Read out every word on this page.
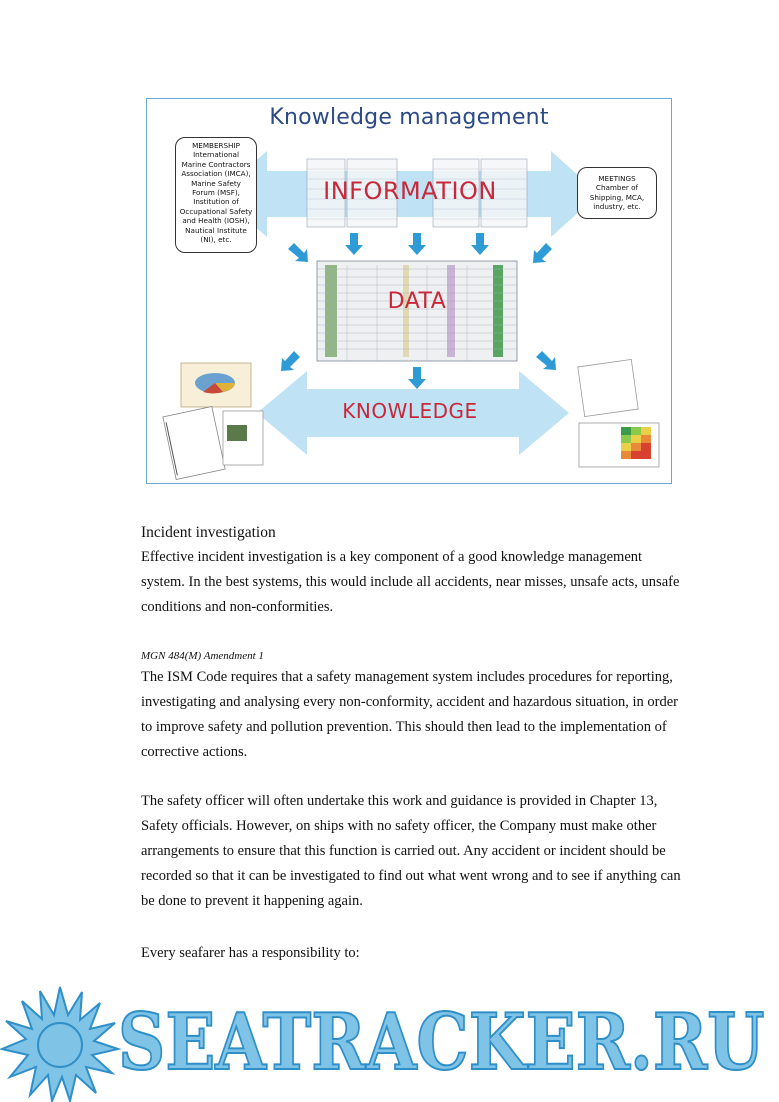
Knowledge management
MEMBERSHIP
International
Marine Contractors
Association (IMCA),
Marine Safety
Forum (MSF),
Institution of
Occupational Safety
and Health (IOSH),
Nautical Institute
(NI), etc.
MEETINGS
Chamber of
Shipping, MCA,
industry, etc.
INFORMATION
DATA
KNOWLEDGE
Incident investigation
Effective incident investigation is a key component of a good knowledge management
system. In the best systems, this would include all accidents, near misses, unsafe acts, unsafe
conditions and non-conformities.
MGN 484(M) Amendment 1
The ISM Code requires that a safety management system includes procedures for reporting,
investigating and analysing every non-conformity, accident and hazardous situation, in order
to improve safety and pollution prevention. This should then lead to the implementation of
corrective actions.
The safety officer will often undertake this work and guidance is provided in Chapter 13,
Safety officials. However, on ships with no safety officer, the Company must make other
arrangements to ensure that this function is carried out. Any accident or incident should be
recorded so that it can be investigated to find out what went wrong and to see if anything can
be done to prevent it happening again.
Every seafarer has a responsibility to:
SEATRACKER.RU
